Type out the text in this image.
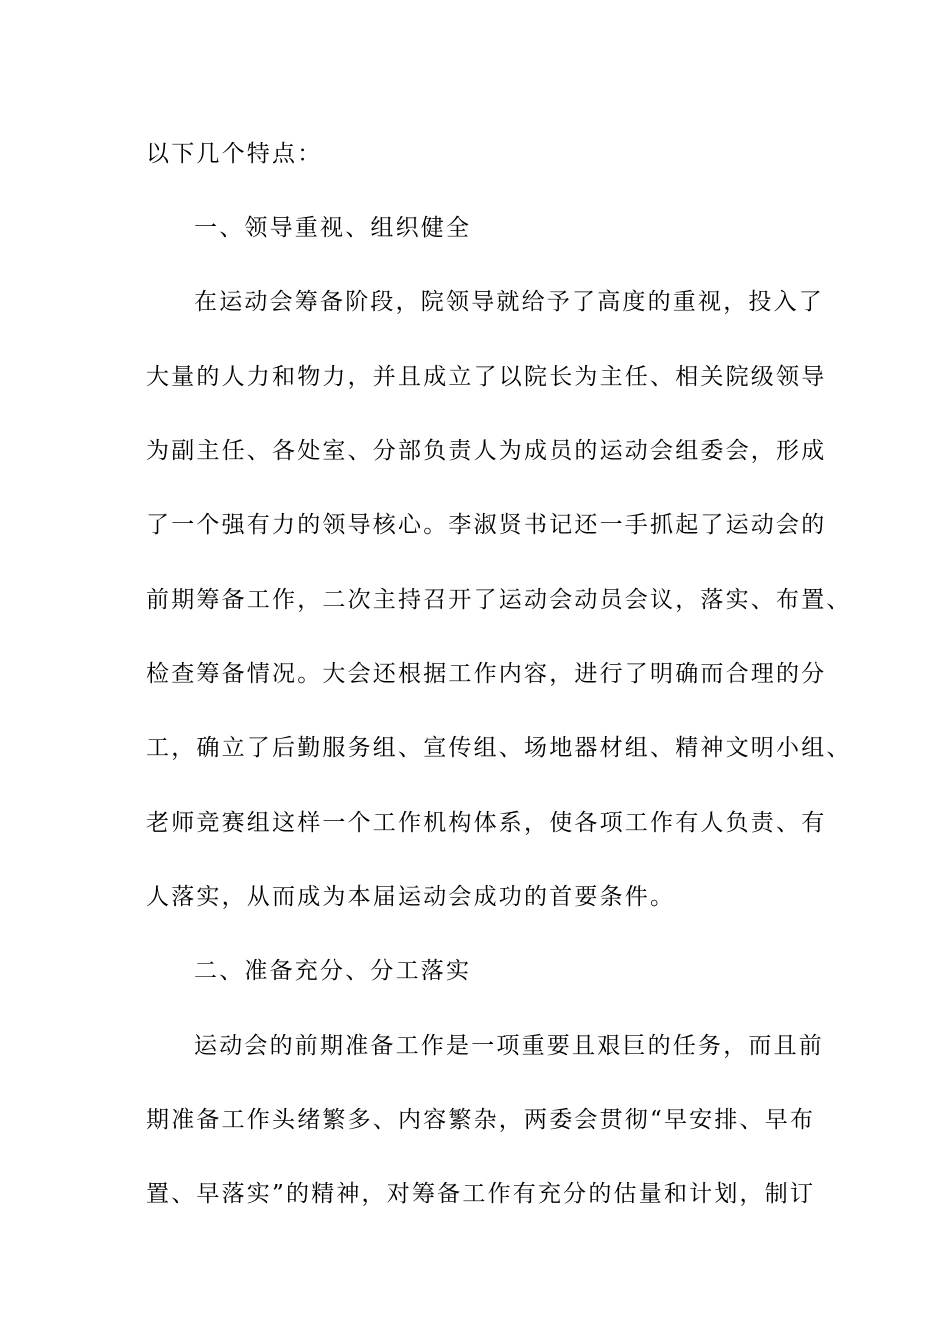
以下几个特点：
一、领导重视、组织健全
在运动会筹备阶段，院领导就给予了高度的重视，投入了
大量的人力和物力，并且成立了以院长为主任、相关院级领导
为副主任、各处室、分部负责人为成员的运动会组委会，形成
了一个强有力的领导核心。李淑贤书记还一手抓起了运动会的
前期筹备工作，二次主持召开了运动会动员会议，落实、布置、
检查筹备情况。大会还根据工作内容，进行了明确而合理的分
工，确立了后勤服务组、宣传组、场地器材组、精神文明小组、
老师竞赛组这样一个工作机构体系，使各项工作有人负责、有
人落实，从而成为本届运动会成功的首要条件。
二、准备充分、分工落实
运动会的前期准备工作是一项重要且艰巨的任务，而且前
期准备工作头绪繁多、内容繁杂，两委会贯彻“早安排、早布
置、早落实”的精神，对筹备工作有充分的估量和计划，制订
